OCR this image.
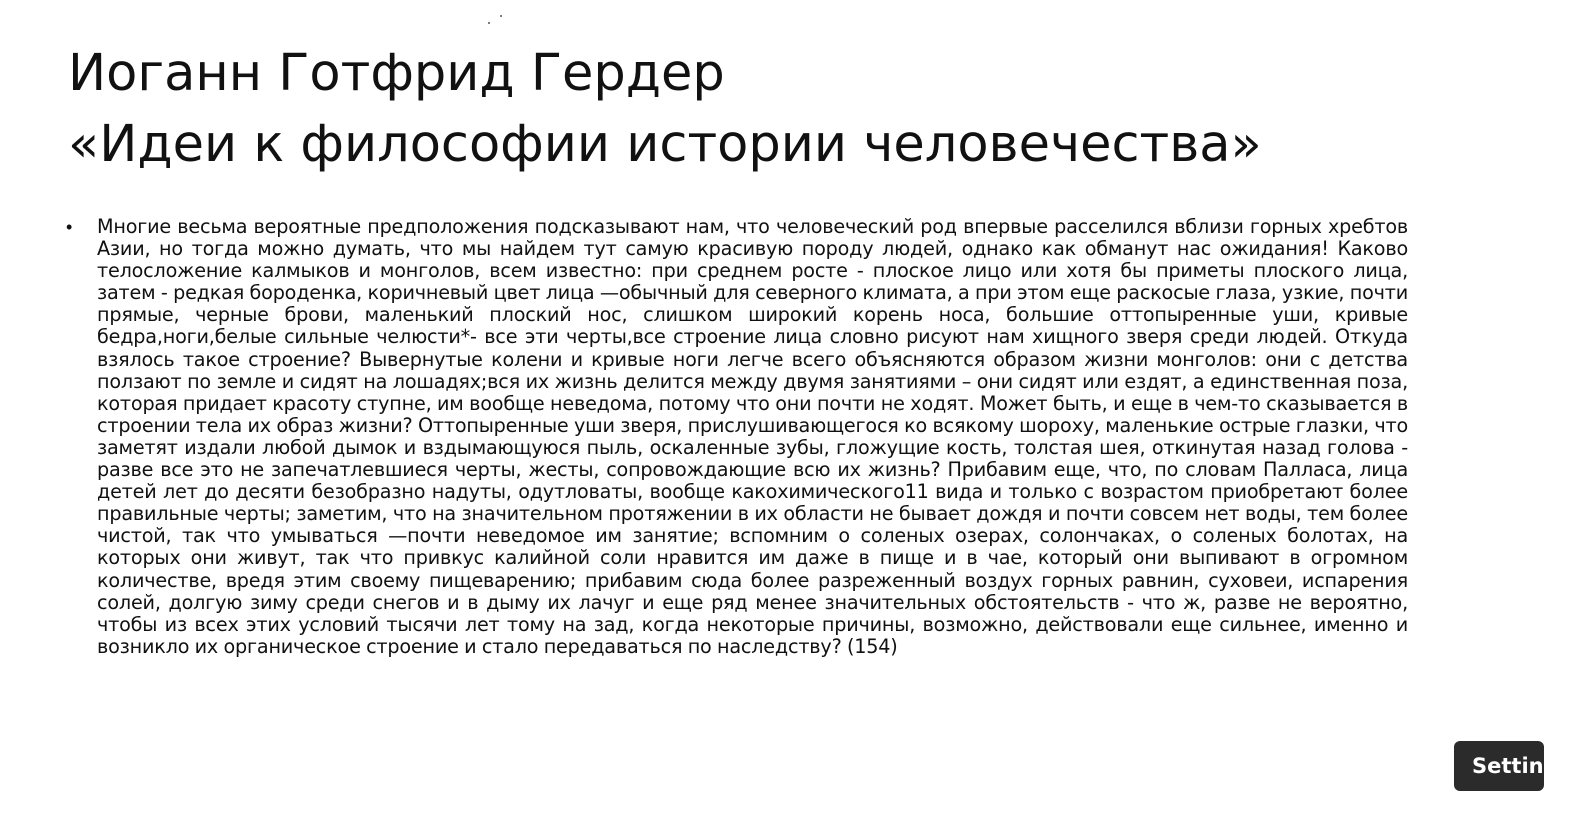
Иоганн Готфрид Гердер
«Идеи к философии истории человечества»
• Многие весьма вероятные предположения подсказывают нам, что человеческий род впервые расселился вблизи горных хребтов Азии, но тогда можно думать, что мы найдем тут самую красивую породу людей, однако как обманут нас ожидания! Каково телосложение калмыков и монголов, всем известно: при среднем росте - плоское лицо или хотя бы приметы плоского лица, затем - редкая бороденка, коричневый цвет лица —обычный для северного климата, а при этом еще раскосые глаза, узкие, почти прямые, черные брови, маленький плоский нос, слишком широкий корень носа, большие оттопыренные уши, кривые бедра,ноги,белые сильные челюсти*- все эти черты,все строение лица словно рисуют нам хищного зверя среди людей. Откуда взялось такое строение? Вывернутые колени и кривые ноги легче всего объясняются образом жизни монголов: они с детства ползают по земле и сидят на лошадях;вся их жизнь делится между двумя занятиями – они сидят или ездят, а единственная поза, которая придает красоту ступне, им вообще неведома, потому что они почти не ходят. Может быть, и еще в чем-то сказывается в строении тела их образ жизни? Оттопыренные уши зверя, прислушивающегося ко всякому шороху, маленькие острые глазки, что заметят издали любой дымок и вздымающуюся пыль, оскаленные зубы, гложущие кость, толстая шея, откинутая назад голова - разве все это не запечатлевшиеся черты, жесты, сопровождающие всю их жизнь? Прибавим еще, что, по словам Палласа, лица детей лет до десяти безобразно надуты, одутловаты, вообще какохимического11 вида и только с возрастом приобретают более правильные черты; заметим, что на значительном протяжении в их области не бывает дождя и почти совсем нет воды, тем более чистой, так что умываться —почти неведомое им занятие; вспомним о соленых озерах, солончаках, о соленых болотах, на которых они живут, так что привкус калийной соли нравится им даже в пище и в чае, который они выпивают в огромном количестве, вредя этим своему пищеварению; прибавим сюда более разреженный воздух горных равнин, суховеи, испарения солей, долгую зиму среди снегов и в дыму их лачуг и еще ряд менее значительных обстоятельств - что ж, разве не вероятно, чтобы из всех этих условий тысячи лет тому на зад, когда некоторые причины, возможно, действовали еще сильнее, именно и возникло их органическое строение и стало передаваться по наследству? (154)
Settings
